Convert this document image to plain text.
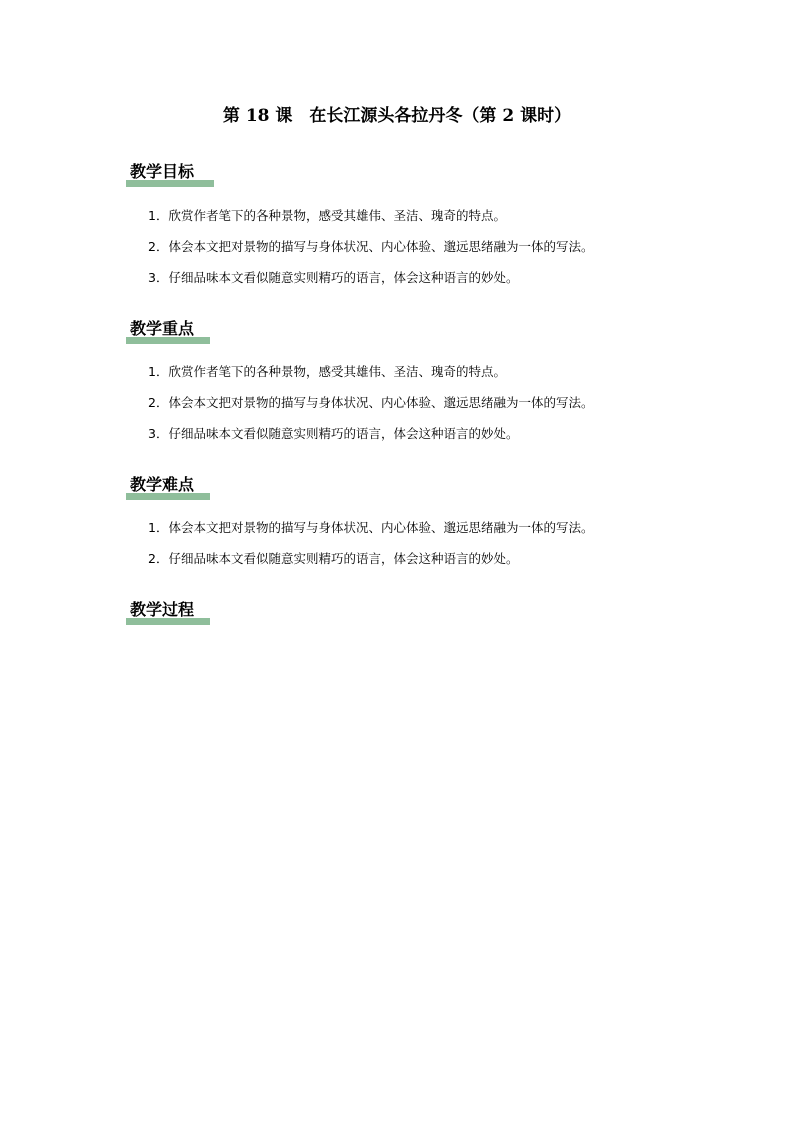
第 18 课　在长江源头各拉丹冬（第 2 课时）
教学目标
1．欣赏作者笔下的各种景物，感受其雄伟、圣洁、瑰奇的特点。
2．体会本文把对景物的描写与身体状况、内心体验、邈远思绪融为一体的写法。
3．仔细品味本文看似随意实则精巧的语言，体会这种语言的妙处。
教学重点
1．欣赏作者笔下的各种景物，感受其雄伟、圣洁、瑰奇的特点。
2．体会本文把对景物的描写与身体状况、内心体验、邈远思绪融为一体的写法。
3．仔细品味本文看似随意实则精巧的语言，体会这种语言的妙处。
教学难点
1．体会本文把对景物的描写与身体状况、内心体验、邈远思绪融为一体的写法。
2．仔细品味本文看似随意实则精巧的语言，体会这种语言的妙处。
教学过程
